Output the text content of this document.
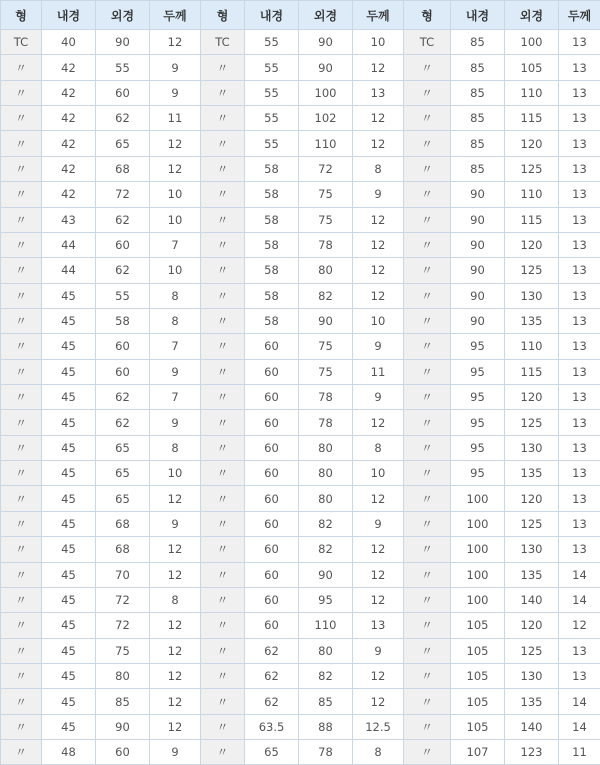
형	내경	외경	두께	형	내경	외경	두께	형	내경	외경	두께
TC	40	90	12	TC	55	90	10	TC	85	100	13
〃	42	55	9	〃	55	90	12	〃	85	105	13
〃	42	60	9	〃	55	100	13	〃	85	110	13
〃	42	62	11	〃	55	102	12	〃	85	115	13
〃	42	65	12	〃	55	110	12	〃	85	120	13
〃	42	68	12	〃	58	72	8	〃	85	125	13
〃	42	72	10	〃	58	75	9	〃	90	110	13
〃	43	62	10	〃	58	75	12	〃	90	115	13
〃	44	60	7	〃	58	78	12	〃	90	120	13
〃	44	62	10	〃	58	80	12	〃	90	125	13
〃	45	55	8	〃	58	82	12	〃	90	130	13
〃	45	58	8	〃	58	90	10	〃	90	135	13
〃	45	60	7	〃	60	75	9	〃	95	110	13
〃	45	60	9	〃	60	75	11	〃	95	115	13
〃	45	62	7	〃	60	78	9	〃	95	120	13
〃	45	62	9	〃	60	78	12	〃	95	125	13
〃	45	65	8	〃	60	80	8	〃	95	130	13
〃	45	65	10	〃	60	80	10	〃	95	135	13
〃	45	65	12	〃	60	80	12	〃	100	120	13
〃	45	68	9	〃	60	82	9	〃	100	125	13
〃	45	68	12	〃	60	82	12	〃	100	130	13
〃	45	70	12	〃	60	90	12	〃	100	135	14
〃	45	72	8	〃	60	95	12	〃	100	140	14
〃	45	72	12	〃	60	110	13	〃	105	120	12
〃	45	75	12	〃	62	80	9	〃	105	125	13
〃	45	80	12	〃	62	82	12	〃	105	130	13
〃	45	85	12	〃	62	85	12	〃	105	135	14
〃	45	90	12	〃	63.5	88	12.5	〃	105	140	14
〃	48	60	9	〃	65	78	8	〃	107	123	11
